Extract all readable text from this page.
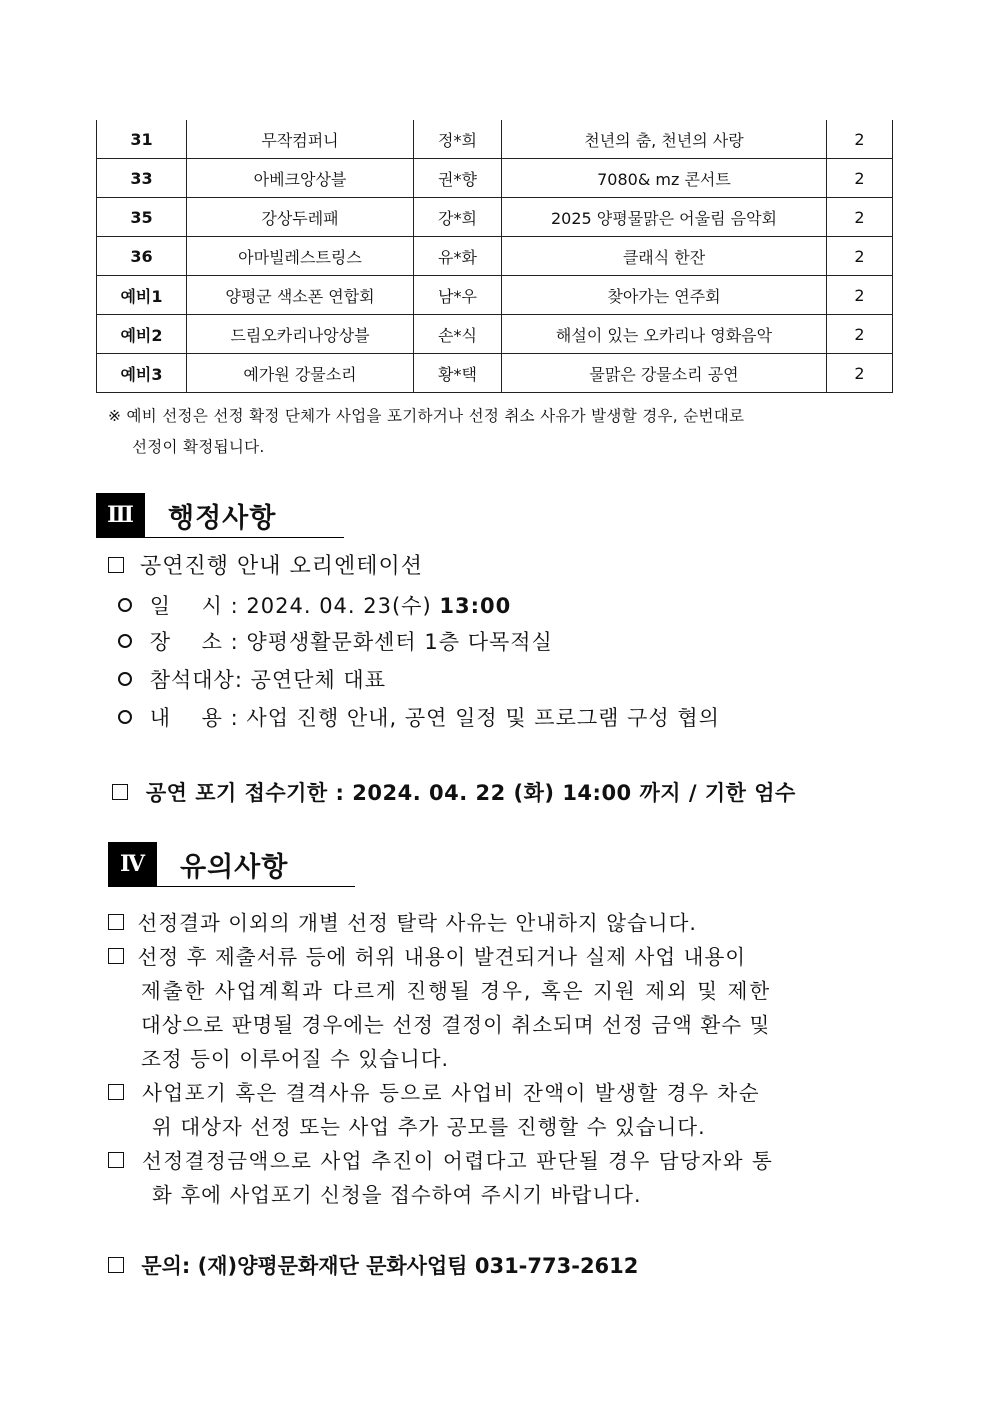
31	무작컴퍼니	정*희	천년의 춤, 천년의 사랑	2
33	아베크앙상블	권*향	7080& mz 콘서트	2
35	강상두레패	강*희	2025 양평물맑은 어울림 음악회	2
36	아마빌레스트링스	유*화	클래식 한잔	2
예비1	양평군 색소폰 연합회	남*우	찾아가는 연주회	2
예비2	드림오카리나앙상블	손*식	해설이 있는 오카리나 영화음악	2
예비3	예가원 강물소리	황*택	물맑은 강물소리 공연	2
※ 예비 선정은 선정 확정 단체가 사업을 포기하거나 선정 취소 사유가 발생할 경우, 순번대로
선정이 확정됩니다.
Ⅲ	행정사항
공연진행 안내 오리엔테이션
일    시 : 2024. 04. 23(수) 13:00
장    소 : 양평생활문화센터 1층 다목적실
참석대상: 공연단체 대표
내    용 : 사업 진행 안내, 공연 일정 및 프로그램 구성 협의
공연 포기 접수기한 : 2024. 04. 22 (화) 14:00 까지 / 기한 엄수
Ⅳ	유의사항
선정결과 이외의 개별 선정 탈락 사유는 안내하지 않습니다.
선정 후 제출서류 등에 허위 내용이 발견되거나 실제 사업 내용이
제출한 사업계획과 다르게 진행될 경우, 혹은 지원 제외 및 제한
대상으로 판명될 경우에는 선정 결정이 취소되며 선정 금액 환수 및
조정 등이 이루어질 수 있습니다.
사업포기 혹은 결격사유 등으로 사업비 잔액이 발생할 경우 차순
위 대상자 선정 또는 사업 추가 공모를 진행할 수 있습니다.
선정결정금액으로 사업 추진이 어렵다고 판단될 경우 담당자와 통
화 후에 사업포기 신청을 접수하여 주시기 바랍니다.
문의: (재)양평문화재단 문화사업팀 031-773-2612
